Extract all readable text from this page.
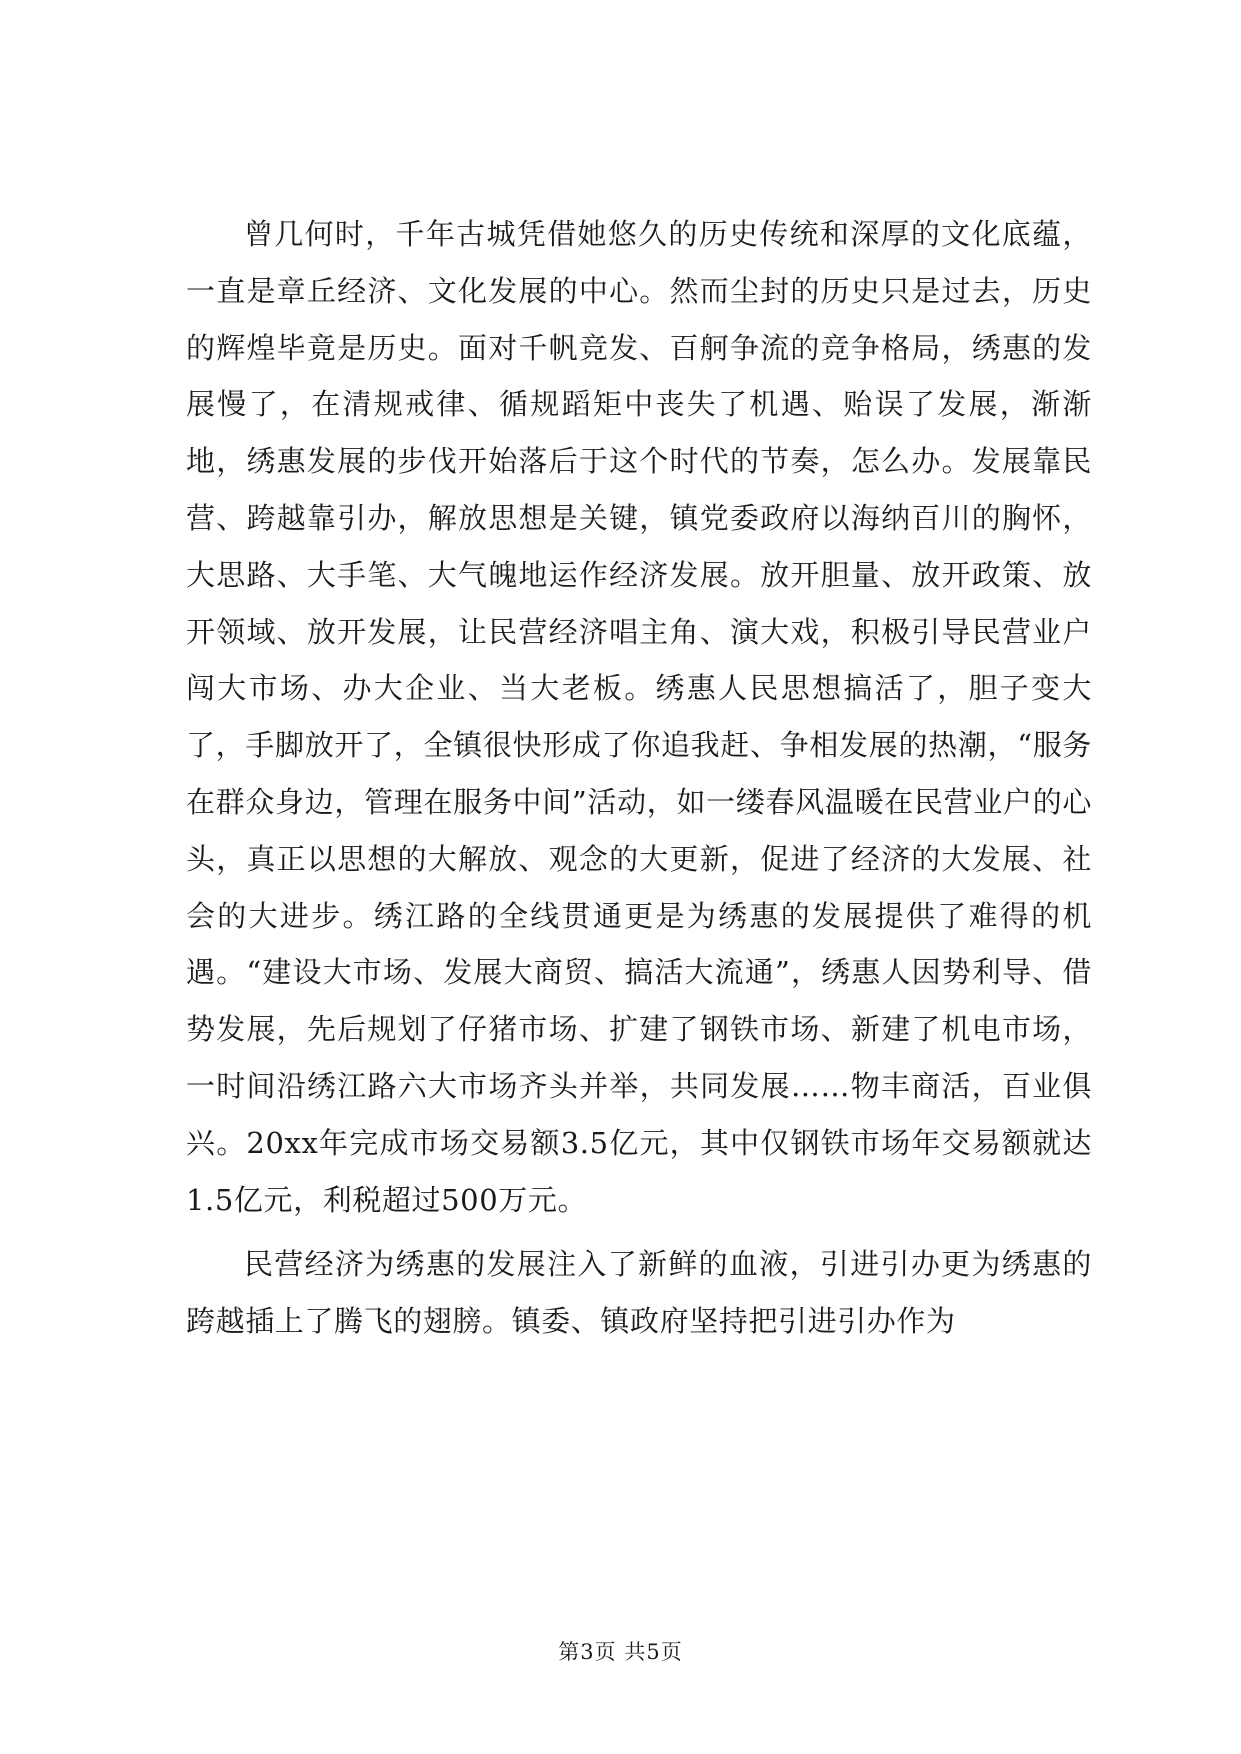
曾几何时，千年古城凭借她悠久的历史传统和深厚的文化底蕴，一直是章丘经济、文化发展的中心。然而尘封的历史只是过去，历史的辉煌毕竟是历史。面对千帆竞发、百舸争流的竞争格局，绣惠的发展慢了，在清规戒律、循规蹈矩中丧失了机遇、贻误了发展，渐渐地，绣惠发展的步伐开始落后于这个时代的节奏，怎么办。发展靠民营、跨越靠引办，解放思想是关键，镇党委政府以海纳百川的胸怀，大思路、大手笔、大气魄地运作经济发展。放开胆量、放开政策、放开领域、放开发展，让民营经济唱主角、演大戏，积极引导民营业户闯大市场、办大企业、当大老板。绣惠人民思想搞活了，胆子变大了，手脚放开了，全镇很快形成了你追我赶、争相发展的热潮，“服务在群众身边，管理在服务中间”活动，如一缕春风温暖在民营业户的心头，真正以思想的大解放、观念的大更新，促进了经济的大发展、社会的大进步。绣江路的全线贯通更是为绣惠的发展提供了难得的机遇。“建设大市场、发展大商贸、搞活大流通”，绣惠人因势利导、借势发展，先后规划了仔猪市场、扩建了钢铁市场、新建了机电市场，一时间沿绣江路六大市场齐头并举，共同发展……物丰商活，百业俱兴。20xx年完成市场交易额3.5亿元，其中仅钢铁市场年交易额就达1.5亿元，利税超过500万元。

民营经济为绣惠的发展注入了新鲜的血液，引进引办更为绣惠的跨越插上了腾飞的翅膀。镇委、镇政府坚持把引进引办作为

第3页 共5页
